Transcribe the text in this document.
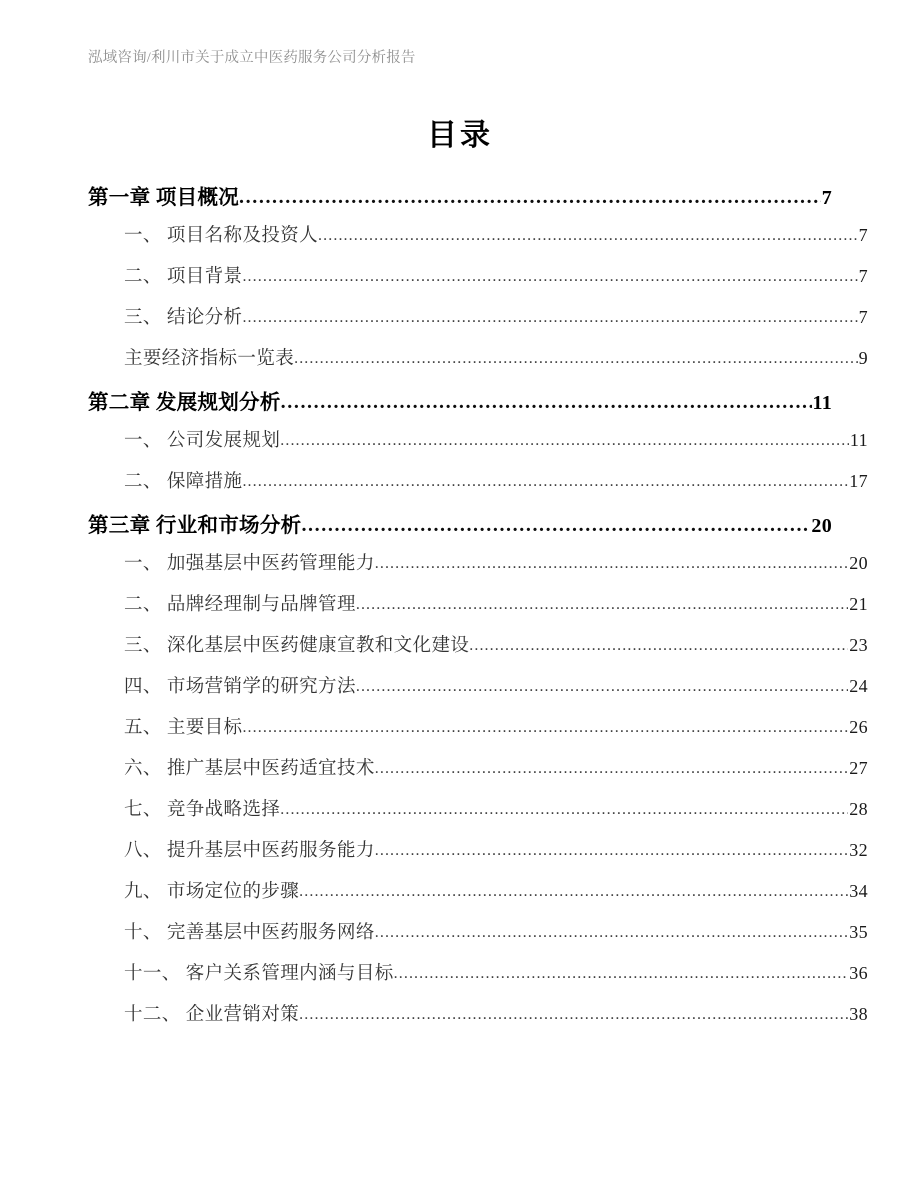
泓域咨询/利川市关于成立中医药服务公司分析报告
目录
第一章 项目概况 .....	7
一、 项目名称及投资人 .....	7
二、 项目背景 .....	7
三、 结论分析 .....	7
主要经济指标一览表 .....	9
第二章 发展规划分析 .....	11
一、 公司发展规划 .....	11
二、 保障措施 .....	17
第三章 行业和市场分析 .....	20
一、 加强基层中医药管理能力 .....	20
二、 品牌经理制与品牌管理 .....	21
三、 深化基层中医药健康宣教和文化建设 .....	23
四、 市场营销学的研究方法 .....	24
五、 主要目标 .....	26
六、 推广基层中医药适宜技术 .....	27
七、 竞争战略选择 .....	28
八、 提升基层中医药服务能力 .....	32
九、 市场定位的步骤 .....	34
十、 完善基层中医药服务网络 .....	35
十一、 客户关系管理内涵与目标 .....	36
十二、 企业营销对策 .....	38
